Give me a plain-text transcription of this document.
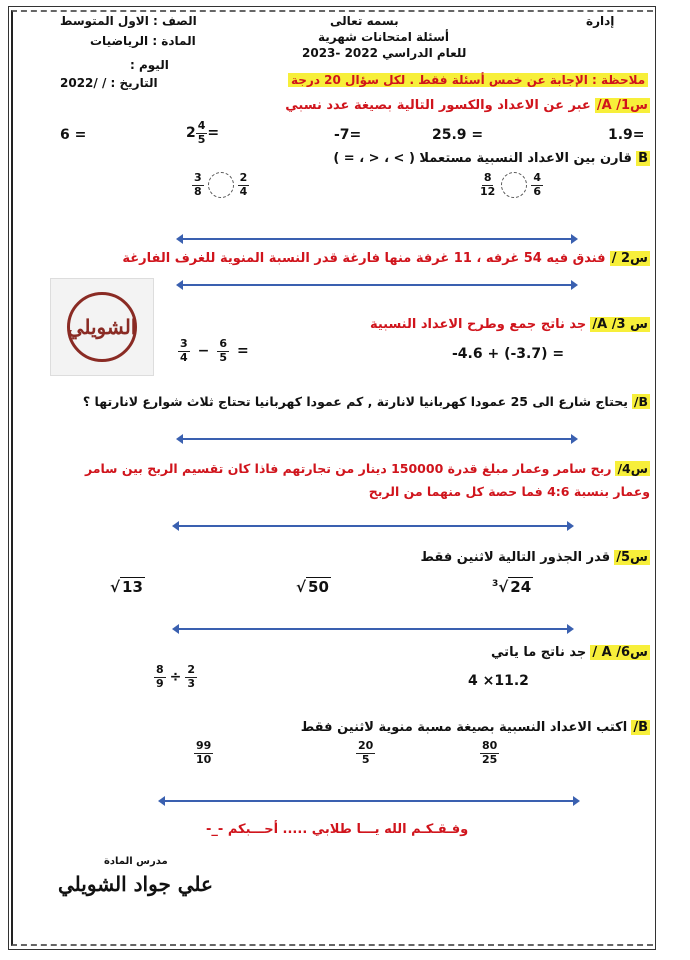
إدارة
بسمه تعالى
أسئلة امتحانات شهرية
للعام الدراسي 2022 -2023
الصف : الاول المتوسط
المادة : الرياضيات
اليوم :
التاريخ : / /2022	ملاحظة : الإجابة عن خمس أسئلة فقط . لكل سؤال 20 درجة
س1/ A/ عبر عن الاعداد والكسور التالية بصيغة عدد نسبي
1.9=
25.9 =
-7=
$2 \frac{4}{5}$ =
6 =
B قارن بين الاعداد النسبية مستعملا ( > ، < ، = )
$\frac{8}{12}$	$\frac{4}{6}$
$\frac{3}{8}$	$\frac{2}{4}$
س2 / فندق فيه 54 غرفه ، 11 غرفة منها فارغة قدر النسبة المنوية للغرف الفارغة
الشويلي	س 3/ A/ جد ناتج جمع وطرح الاعداد النسبية
-4.6 + (-3.7) =
$\frac{3}{4} - \frac{6}{5}$ =
B/ يحتاج شارع الى 25 عمودا كهربانيا لانارتة , كم عمودا كهربانيا تحتاج ثلاث شوارع لانارتها ؟
س4/ ربح سامر وعمار مبلغ قدرة 150000 دينار من تجارتهم فاذا كان تقسيم الربح بين سامر
وعمار بنسبة 4:6 فما حصة كل منهما من الربح
س5/ قدر الجذور التالية لاثنين فقط
$^3$√ 24
√ 50
√ 13
س6/ A / جد ناتج ما ياتي
4 ×11.2
$\frac{8}{9} \div \frac{2}{3}$
B/ اكتب الاعداد النسبية بصيغة مسبة منوية لاثنين فقط
$\frac{80}{25}$
$\frac{20}{5}$
$\frac{99}{10}$
وفـقـكـم الله يـــا طلابي ..... أحـــبكم -_-
مدرس المادة
علي جواد الشويلي
